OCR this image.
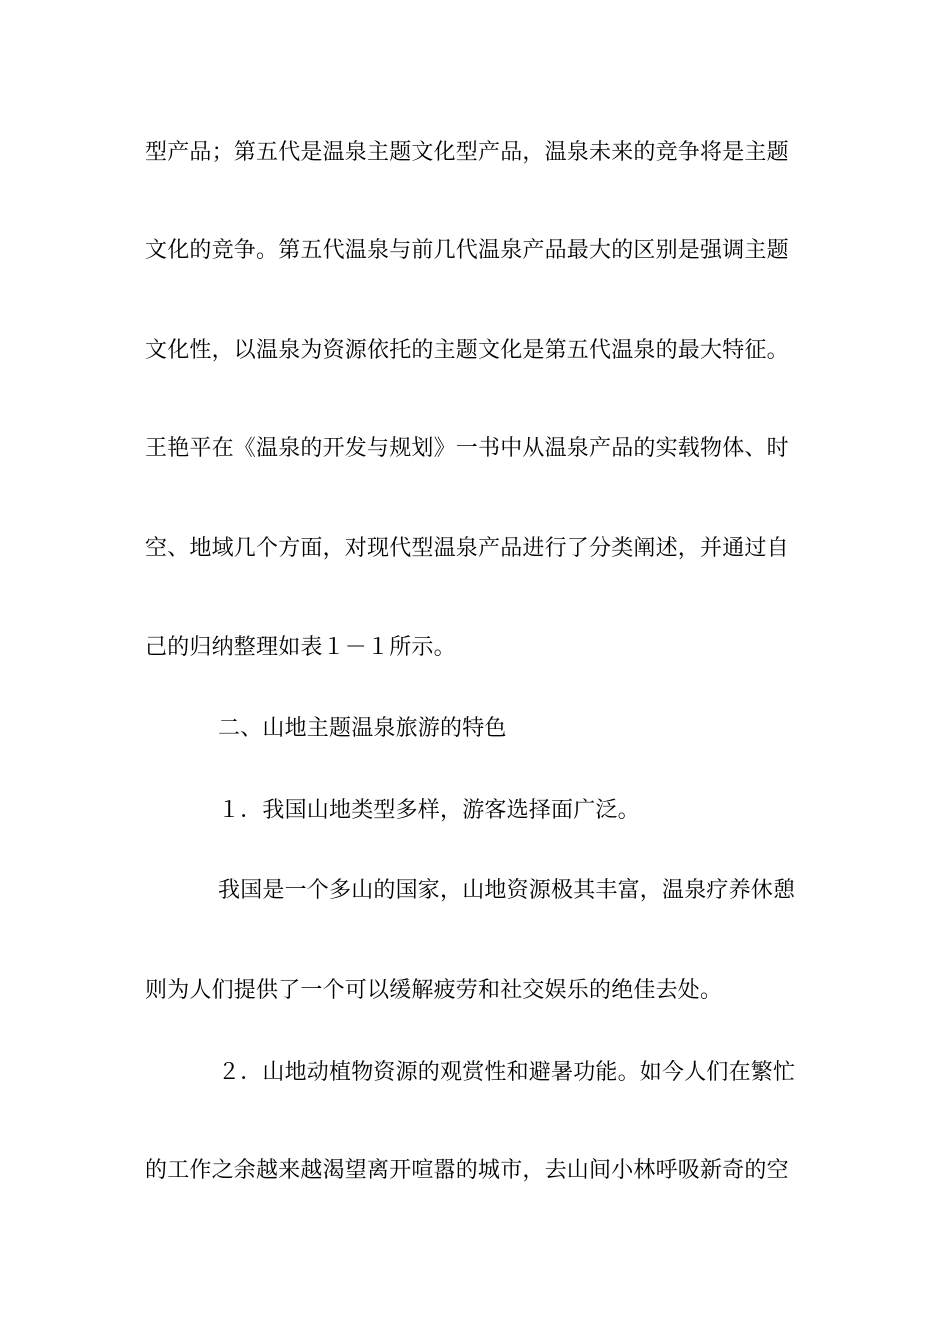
型产品；第五代是温泉主题文化型产品，温泉未来的竞争将是主题
文化的竞争。第五代温泉与前几代温泉产品最大的区别是强调主题
文化性，以温泉为资源依托的主题文化是第五代温泉的最大特征。
王艳平在《温泉的开发与规划》一书中从温泉产品的实载物体、时
空、地域几个方面，对现代型温泉产品进行了分类阐述，并通过自
己的归纳整理如表１－１所示。
二、山地主题温泉旅游的特色
１．我国山地类型多样，游客选择面广泛。
我国是一个多山的国家，山地资源极其丰富，温泉疗养休憩
则为人们提供了一个可以缓解疲劳和社交娱乐的绝佳去处。
２．山地动植物资源的观赏性和避暑功能。如今人们在繁忙
的工作之余越来越渴望离开喧嚣的城市，去山间小林呼吸新奇的空
